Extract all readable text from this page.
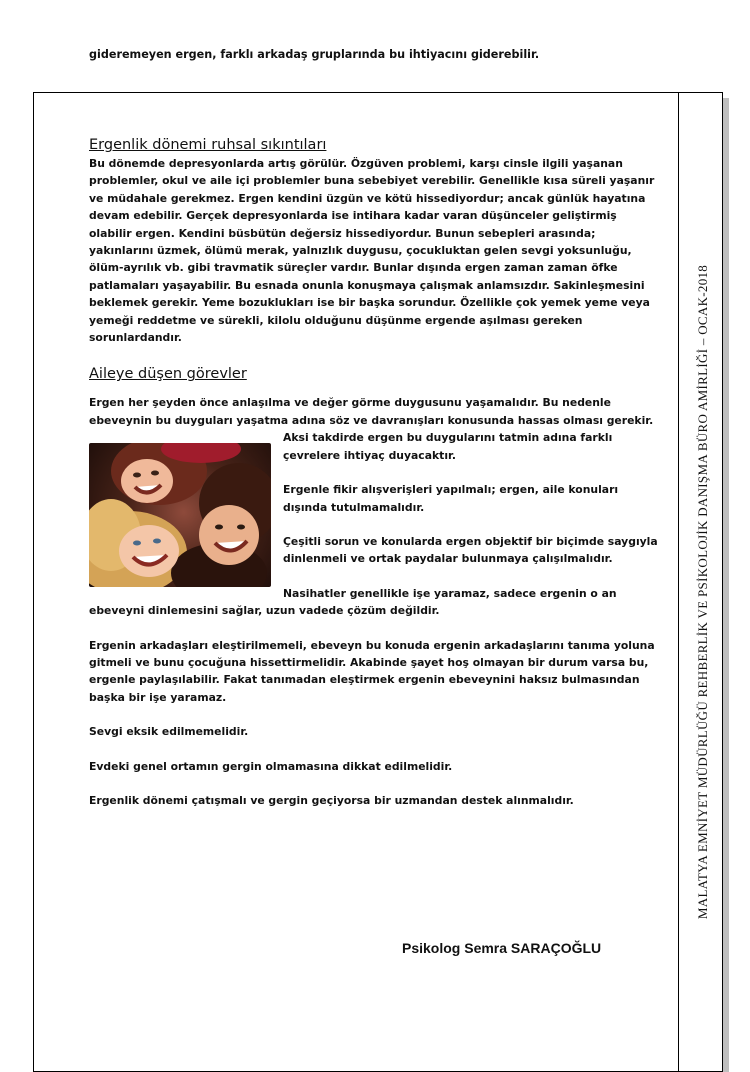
gideremeyen ergen, farklı arkadaş gruplarında bu ihtiyacını giderebilir.
MALATYA EMNİYET MÜDÜRLÜĞÜ REHBERLİK VE PSİKOLOJİK DANIŞMA BÜRO AMİRLİĞİ – OCAK-2018

Ergenlik dönemi ruhsal sıkıntıları

Bu dönemde depresyonlarda artış görülür. Özgüven problemi, karşı cinsle ilgili yaşanan problemler, okul ve aile içi problemler buna sebebiyet verebilir. Genellikle kısa süreli yaşanır ve müdahale gerekmez. Ergen kendini üzgün ve kötü hissediyordur; ancak günlük hayatına devam edebilir. Gerçek depresyonlarda ise intihara kadar varan düşünceler geliştirmiş olabilir ergen. Kendini büsbütün değersiz hissediyordur. Bunun sebepleri arasında; yakınlarını üzmek, ölümü merak, yalnızlık duygusu, çocukluktan gelen sevgi yoksunluğu, ölüm-ayrılık vb. gibi travmatik süreçler vardır. Bunlar dışında ergen zaman zaman öfke patlamaları yaşayabilir. Bu esnada onunla konuşmaya çalışmak anlamsızdır. Sakinleşmesini beklemek gerekir. Yeme bozuklukları ise bir başka sorundur. Özellikle çok yemek yeme veya yemeği reddetme ve sürekli, kilolu olduğunu düşünme ergende aşılması gereken sorunlardandır.

Aileye düşen görevler

Ergen her şeyden önce anlaşılma ve değer görme duygusunu yaşamalıdır. Bu nedenle ebeveynin bu duyguları yaşatma adına söz ve davranışları konusunda hassas olması gerekir.

Aksi takdirde ergen bu duygularını tatmin adına farklı çevrelere ihtiyaç duyacaktır.

Ergenle fikir alışverişleri yapılmalı; ergen, aile konuları dışında tutulmamalıdır.

Çeşitli sorun ve konularda ergen objektif bir biçimde saygıyla dinlenmeli ve ortak paydalar bulunmaya çalışılmalıdır.

Nasihatler genellikle işe yaramaz, sadece ergenin o an ebeveyni dinlemesini sağlar, uzun vadede çözüm değildir.

Ergenin arkadaşları eleştirilmemeli, ebeveyn bu konuda ergenin arkadaşlarını tanıma yoluna gitmeli ve bunu çocuğuna hissettirmelidir. Akabinde şayet hoş olmayan bir durum varsa bu, ergenle paylaşılabilir. Fakat tanımadan eleştirmek ergenin ebeveynini haksız bulmasından başka bir işe yaramaz.

Sevgi eksik edilmemelidir.

Evdeki genel ortamın gergin olmamasına dikkat edilmelidir.

Ergenlik dönemi çatışmalı ve gergin geçiyorsa bir uzmandan destek alınmalıdır.

Psikolog Semra SARAÇOĞLU
